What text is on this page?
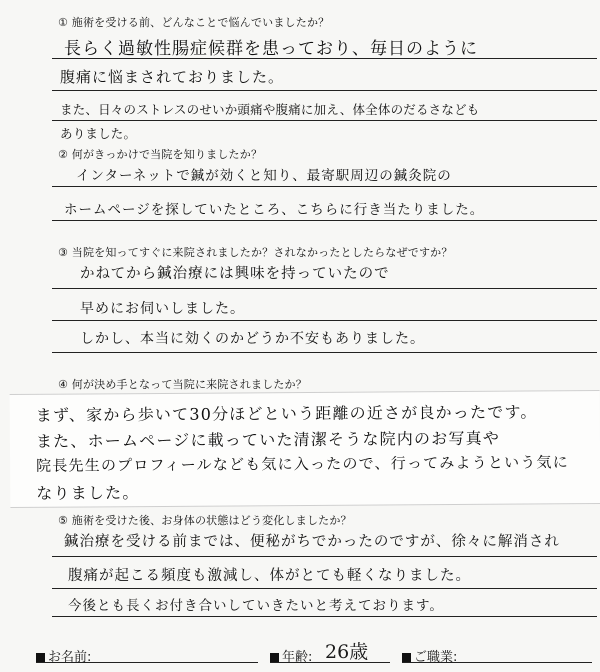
① 施術を受ける前、どんなことで悩んでいましたか？
長らく過敏性腸症候群を患っており、毎日のように
腹痛に悩まされておりました。
また、日々のストレスのせいか頭痛や腹痛に加え、体全体のだるさなども
ありました。
② 何がきっかけで当院を知りましたか？
インターネットで鍼が効くと知り、最寄駅周辺の鍼灸院の
ホームページを探していたところ、こちらに行き当たりました。
③ 当院を知ってすぐに来院されましたか？されなかったとしたらなぜですか？
かねてから鍼治療には興味を持っていたので
早めにお伺いしました。
しかし、本当に効くのかどうか不安もありました。
④ 何が決め手となって当院に来院されましたか？
まず、家から歩いて30分ほどという距離の近さが良かったです。
また、ホームページに載っていた清潔そうな院内のお写真や
院長先生のプロフィールなども気に入ったので、行ってみようという気に
なりました。
⑤ 施術を受けた後、お身体の状態はどう変化しましたか？
鍼治療を受ける前までは、便秘がちでかったのですが、徐々に解消され
腹痛が起こる頻度も激減し、体がとても軽くなりました。
今後とも長くお付き合いしていきたいと考えております。
お名前:	年齢: 26歳	ご職業:
